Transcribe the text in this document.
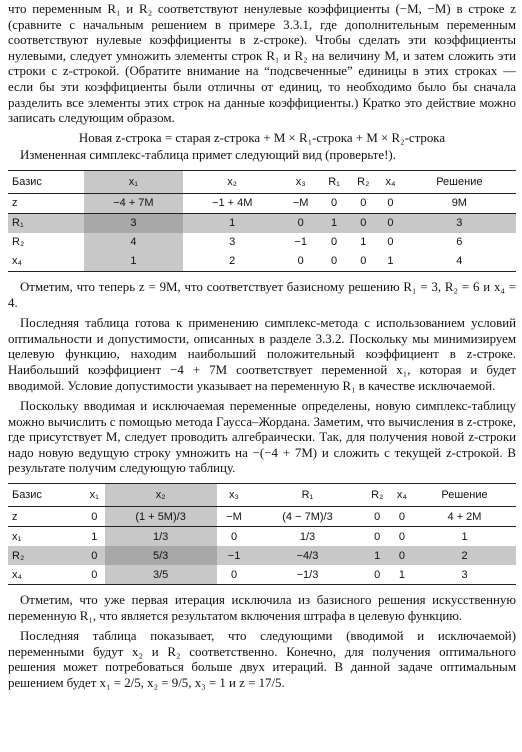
что переменным R₁ и R₂ соответствуют ненулевые коэффициенты (−M, −M) в строке z (сравните с начальным решением в примере 3.3.1, где дополнительным переменным соответствуют нулевые коэффициенты в z-строке). Чтобы сделать эти коэффициенты нулевыми, следует умножить элементы строк R₁ и R₂ на величину M, и затем сложить эти строки с z-строкой. (Обратите внимание на “подсвеченные” единицы в этих строках — если бы эти коэффициенты были отличны от единиц, то необходимо было бы сначала разделить все элементы этих строк на данные коэффициенты.) Кратко это действие можно записать следующим образом.

Новая z-строка = старая z-строка + M × R₁-строка + M × R₂-строка

Измененная симплекс-таблица примет следующий вид (проверьте!).

Базис	x₁	x₂	x₃	R₁	R₂	x₄	Решение
z	−4 + 7M	−1 + 4M	−M	0	0	0	9M
R₁	3	1	0	1	0	0	3
R₂	4	3	−1	0	1	0	6
x₄	1	2	0	0	0	1	4

Отметим, что теперь z = 9M, что соответствует базисному решению R₁ = 3, R₂ = 6 и x₄ = 4.

Последняя таблица готова к применению симплекс-метода с использованием условий оптимальности и допустимости, описанных в разделе 3.3.2. Поскольку мы минимизируем целевую функцию, находим наибольший положительный коэффициент в z-строке. Наибольший коэффициент −4 + 7M соответствует переменной x₁, которая и будет вводимой. Условие допустимости указывает на переменную R₁ в качестве исключаемой.

Поскольку вводимая и исключаемая переменные определены, новую симплекс-таблицу можно вычислить с помощью метода Гаусса–Жордана. Заметим, что вычисления в z-строке, где присутствует M, следует проводить алгебраически. Так, для получения новой z-строки надо новую ведущую строку умножить на −(−4 + 7M) и сложить с текущей z-строкой. В результате получим следующую таблицу.

Базис	x₁	x₂	x₃	R₁	R₂	x₄	Решение
z	0	(1 + 5M)/3	−M	(4 − 7M)/3	0	0	4 + 2M
x₁	1	1/3	0	1/3	0	0	1
R₂	0	5/3	−1	−4/3	1	0	2
x₄	0	3/5	0	−1/3	0	1	3

Отметим, что уже первая итерация исключила из базисного решения искусственную переменную R₁, что является результатом включения штрафа в целевую функцию.

Последняя таблица показывает, что следующими (вводимой и исключаемой) переменными будут x₂ и R₂ соответственно. Конечно, для получения оптимального решения может потребоваться больше двух итераций. В данной задаче оптимальным решением будет x₁ = 2/5, x₂ = 9/5, x₃ = 1 и z = 17/5.
